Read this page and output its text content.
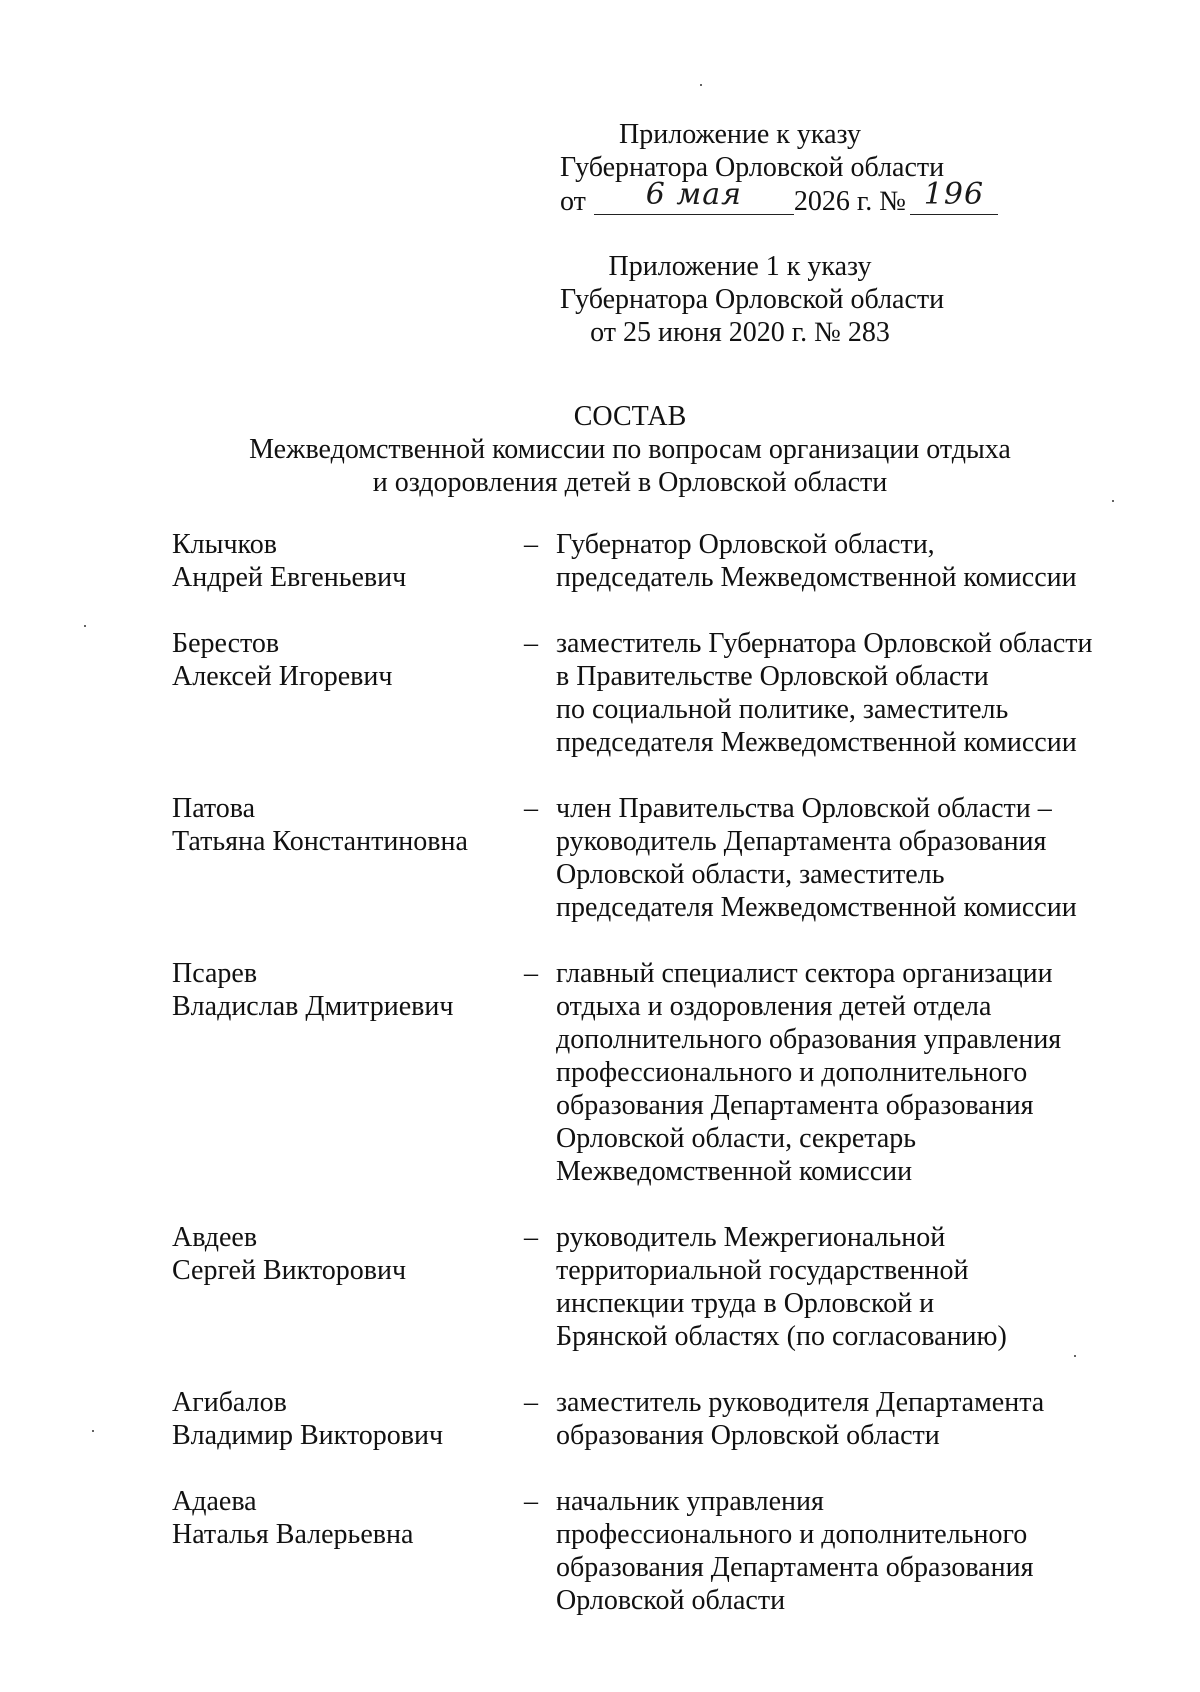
Приложение к указу
Губернатора Орловской области
от 6 мая 2026 г. № 196
Приложение 1 к указу
Губернатора Орловской области
от 25 июня 2020 г. № 283
СОСТАВ
Межведомственной комиссии по вопросам организации отдыха
и оздоровления детей в Орловской области
Клычков
Андрей Евгеньевич
– Губернатор Орловской области,
председатель Межведомственной комиссии
Берестов
Алексей Игоревич
– заместитель Губернатора Орловской области
в Правительстве Орловской области
по социальной политике, заместитель
председателя Межведомственной комиссии
Патова
Татьяна Константиновна
– член Правительства Орловской области –
руководитель Департамента образования
Орловской области, заместитель
председателя Межведомственной комиссии
Псарев
Владислав Дмитриевич
– главный специалист сектора организации
отдыха и оздоровления детей отдела
дополнительного образования управления
профессионального и дополнительного
образования Департамента образования
Орловской области, секретарь
Межведомственной комиссии
Авдеев
Сергей Викторович
– руководитель Межрегиональной
территориальной государственной
инспекции труда в Орловской и
Брянской областях (по согласованию)
Агибалов
Владимир Викторович
– заместитель руководителя Департамента
образования Орловской области
Адаева
Наталья Валерьевна
– начальник управления
профессионального и дополнительного
образования Департамента образования
Орловской области
